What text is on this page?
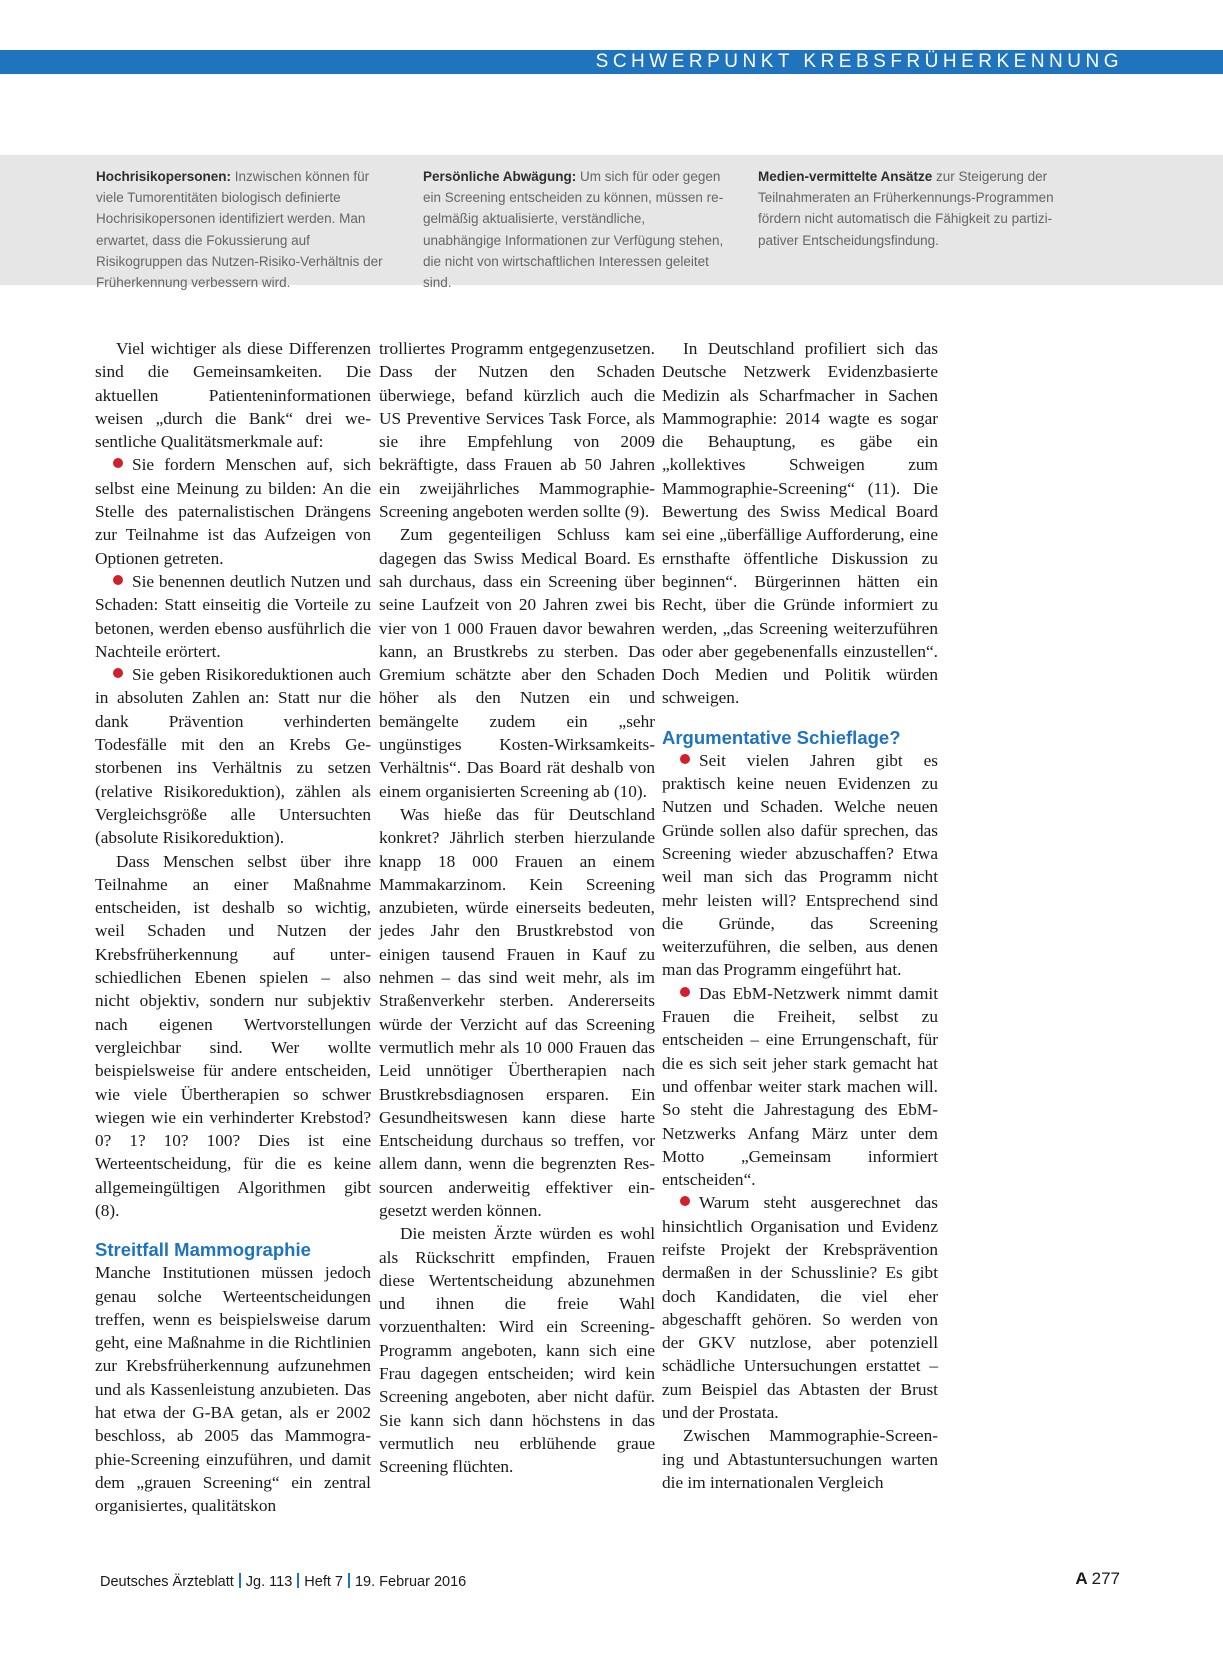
SCHWERPUNKT KREBSFRÜHERKENNUNG
Hochrisikopersonen: Inzwischen können für viele Tumorentitäten biologisch definierte Hochrisikopersonen identifiziert werden. Man erwartet, dass die Fokussierung auf Risikogruppen das Nutzen-Risiko-Verhältnis der Früherkennung verbessern wird.
Persönliche Abwägung: Um sich für oder gegen ein Screening entscheiden zu können, müssen regelmäßig aktualisierte, verständliche, unabhängige Informationen zur Verfügung stehen, die nicht von wirtschaftlichen Interessen geleitet sind.
Medien-vermittelte Ansätze zur Steigerung der Teilnahmeraten an Früherkennungs-Programmen fördern nicht automatisch die Fähigkeit zu partizipativer Entscheidungsfindung.

Viel wichtiger als diese Differenzen sind die Gemeinsamkeiten. Die aktuellen Patienteninformationen weisen „durch die Bank“ drei wesentliche Qualitätsmerkmale auf:

Sie fordern Menschen auf, sich selbst eine Meinung zu bilden: An die Stelle des paternalistischen Drängens zur Teilnahme ist das Aufzeigen von Optionen getreten.

Sie benennen deutlich Nutzen und Schaden: Statt einseitig die Vorteile zu betonen, werden ebenso ausführlich die Nachteile erörtert.

Sie geben Risikoreduktionen auch in absoluten Zahlen an: Statt nur die dank Prävention verhinderten Todesfälle mit den an Krebs Gestorbenen ins Verhältnis zu setzen (relative Risikoreduktion), zählen als Vergleichsgröße alle Untersuchten (absolute Risikoreduktion).

Dass Menschen selbst über ihre Teilnahme an einer Maßnahme entscheiden, ist deshalb so wichtig, weil Schaden und Nutzen der Krebsfrüherkennung auf unterschiedlichen Ebenen spielen – also nicht objektiv, sondern nur subjektiv nach eigenen Wertvorstellungen vergleichbar sind. Wer wollte beispielsweise für andere entscheiden, wie viele Übertherapien so schwer wiegen wie ein verhinderter Krebstod? 0? 1? 10? 100? Dies ist eine Werteentscheidung, für die es keine allgemeingültigen Algorithmen gibt (8).

Streitfall Mammographie

Manche Institutionen müssen jedoch genau solche Werteentscheidungen treffen, wenn es beispielsweise darum geht, eine Maßnahme in die Richtlinien zur Krebsfrüherkennung aufzunehmen und als Kassenleistung anzubieten. Das hat etwa der G-BA getan, als er 2002 beschloss, ab 2005 das Mammographie-Screening einzuführen, und damit dem „grauen Screening“ ein zentral organisiertes, qualitätskon

trolliertes Programm entgegenzusetzen. Dass der Nutzen den Schaden überwiege, befand kürzlich auch die US Preventive Services Task Force, als sie ihre Empfehlung von 2009 bekräftigte, dass Frauen ab 50 Jahren ein zweijährliches Mammographie-Screening angeboten werden sollte (9).

Zum gegenteiligen Schluss kam dagegen das Swiss Medical Board. Es sah durchaus, dass ein Screening über seine Laufzeit von 20 Jahren zwei bis vier von 1 000 Frauen davor bewahren kann, an Brustkrebs zu sterben. Das Gremium schätzte aber den Schaden höher als den Nutzen ein und bemängelte zudem ein „sehr ungünstiges Kosten-Wirksamkeits-Verhältnis“. Das Board rät deshalb von einem organisierten Screening ab (10).

Was hieße das für Deutschland konkret? Jährlich sterben hierzulande knapp 18 000 Frauen an einem Mammakarzinom. Kein Screening anzubieten, würde einerseits bedeuten, jedes Jahr den Brustkrebstod von einigen tausend Frauen in Kauf zu nehmen – das sind weit mehr, als im Straßenverkehr sterben. Andererseits würde der Verzicht auf das Screening vermutlich mehr als 10 000 Frauen das Leid unnötiger Übertherapien nach Brustkrebsdiagnosen ersparen. Ein Gesundheitswesen kann diese harte Entscheidung durchaus so treffen, vor allem dann, wenn die begrenzten Ressourcen anderweitig effektiver eingesetzt werden können.

Die meisten Ärzte würden es wohl als Rückschritt empfinden, Frauen diese Wertentscheidung abzunehmen und ihnen die freie Wahl vorzuenthalten: Wird ein Screening-Programm angeboten, kann sich eine Frau dagegen entscheiden; wird kein Screening angeboten, aber nicht dafür. Sie kann sich dann höchstens in das vermutlich neu erblühende graue Screening flüchten.

In Deutschland profiliert sich das Deutsche Netzwerk Evidenzbasierte Medizin als Scharfmacher in Sachen Mammographie: 2014 wagte es sogar die Behauptung, es gäbe ein „kollektives Schweigen zum Mammographie-Screening“ (11). Die Bewertung des Swiss Medical Board sei eine „überfällige Aufforderung, eine ernsthafte öffentliche Diskussion zu beginnen“. Bürgerinnen hätten ein Recht, über die Gründe informiert zu werden, „das Screening weiterzuführen oder aber gegebenenfalls einzustellen“. Doch Medien und Politik würden schweigen.

Argumentative Schieflage?

Seit vielen Jahren gibt es praktisch keine neuen Evidenzen zu Nutzen und Schaden. Welche neuen Gründe sollen also dafür sprechen, das Screening wieder abzuschaffen? Etwa weil man sich das Programm nicht mehr leisten will? Entsprechend sind die Gründe, das Screening weiterzuführen, die selben, aus denen man das Programm eingeführt hat.

Das EbM-Netzwerk nimmt damit Frauen die Freiheit, selbst zu entscheiden – eine Errungenschaft, für die es sich seit jeher stark gemacht hat und offenbar weiter stark machen will. So steht die Jahrestagung des EbM-Netzwerks Anfang März unter dem Motto „Gemeinsam informiert entscheiden“.

Warum steht ausgerechnet das hinsichtlich Organisation und Evidenz reifste Projekt der Krebsprävention dermaßen in der Schusslinie? Es gibt doch Kandidaten, die viel eher abgeschafft gehören. So werden von der GKV nutzlose, aber potenziell schädliche Untersuchungen erstattet – zum Beispiel das Abtasten der Brust und der Prostata.

Zwischen Mammographie-Screening und Abtastuntersuchungen warten die im internationalen Vergleich

Deutsches Ärzteblatt Jg. 113 Heft 7 19. Februar 2016	A 277
